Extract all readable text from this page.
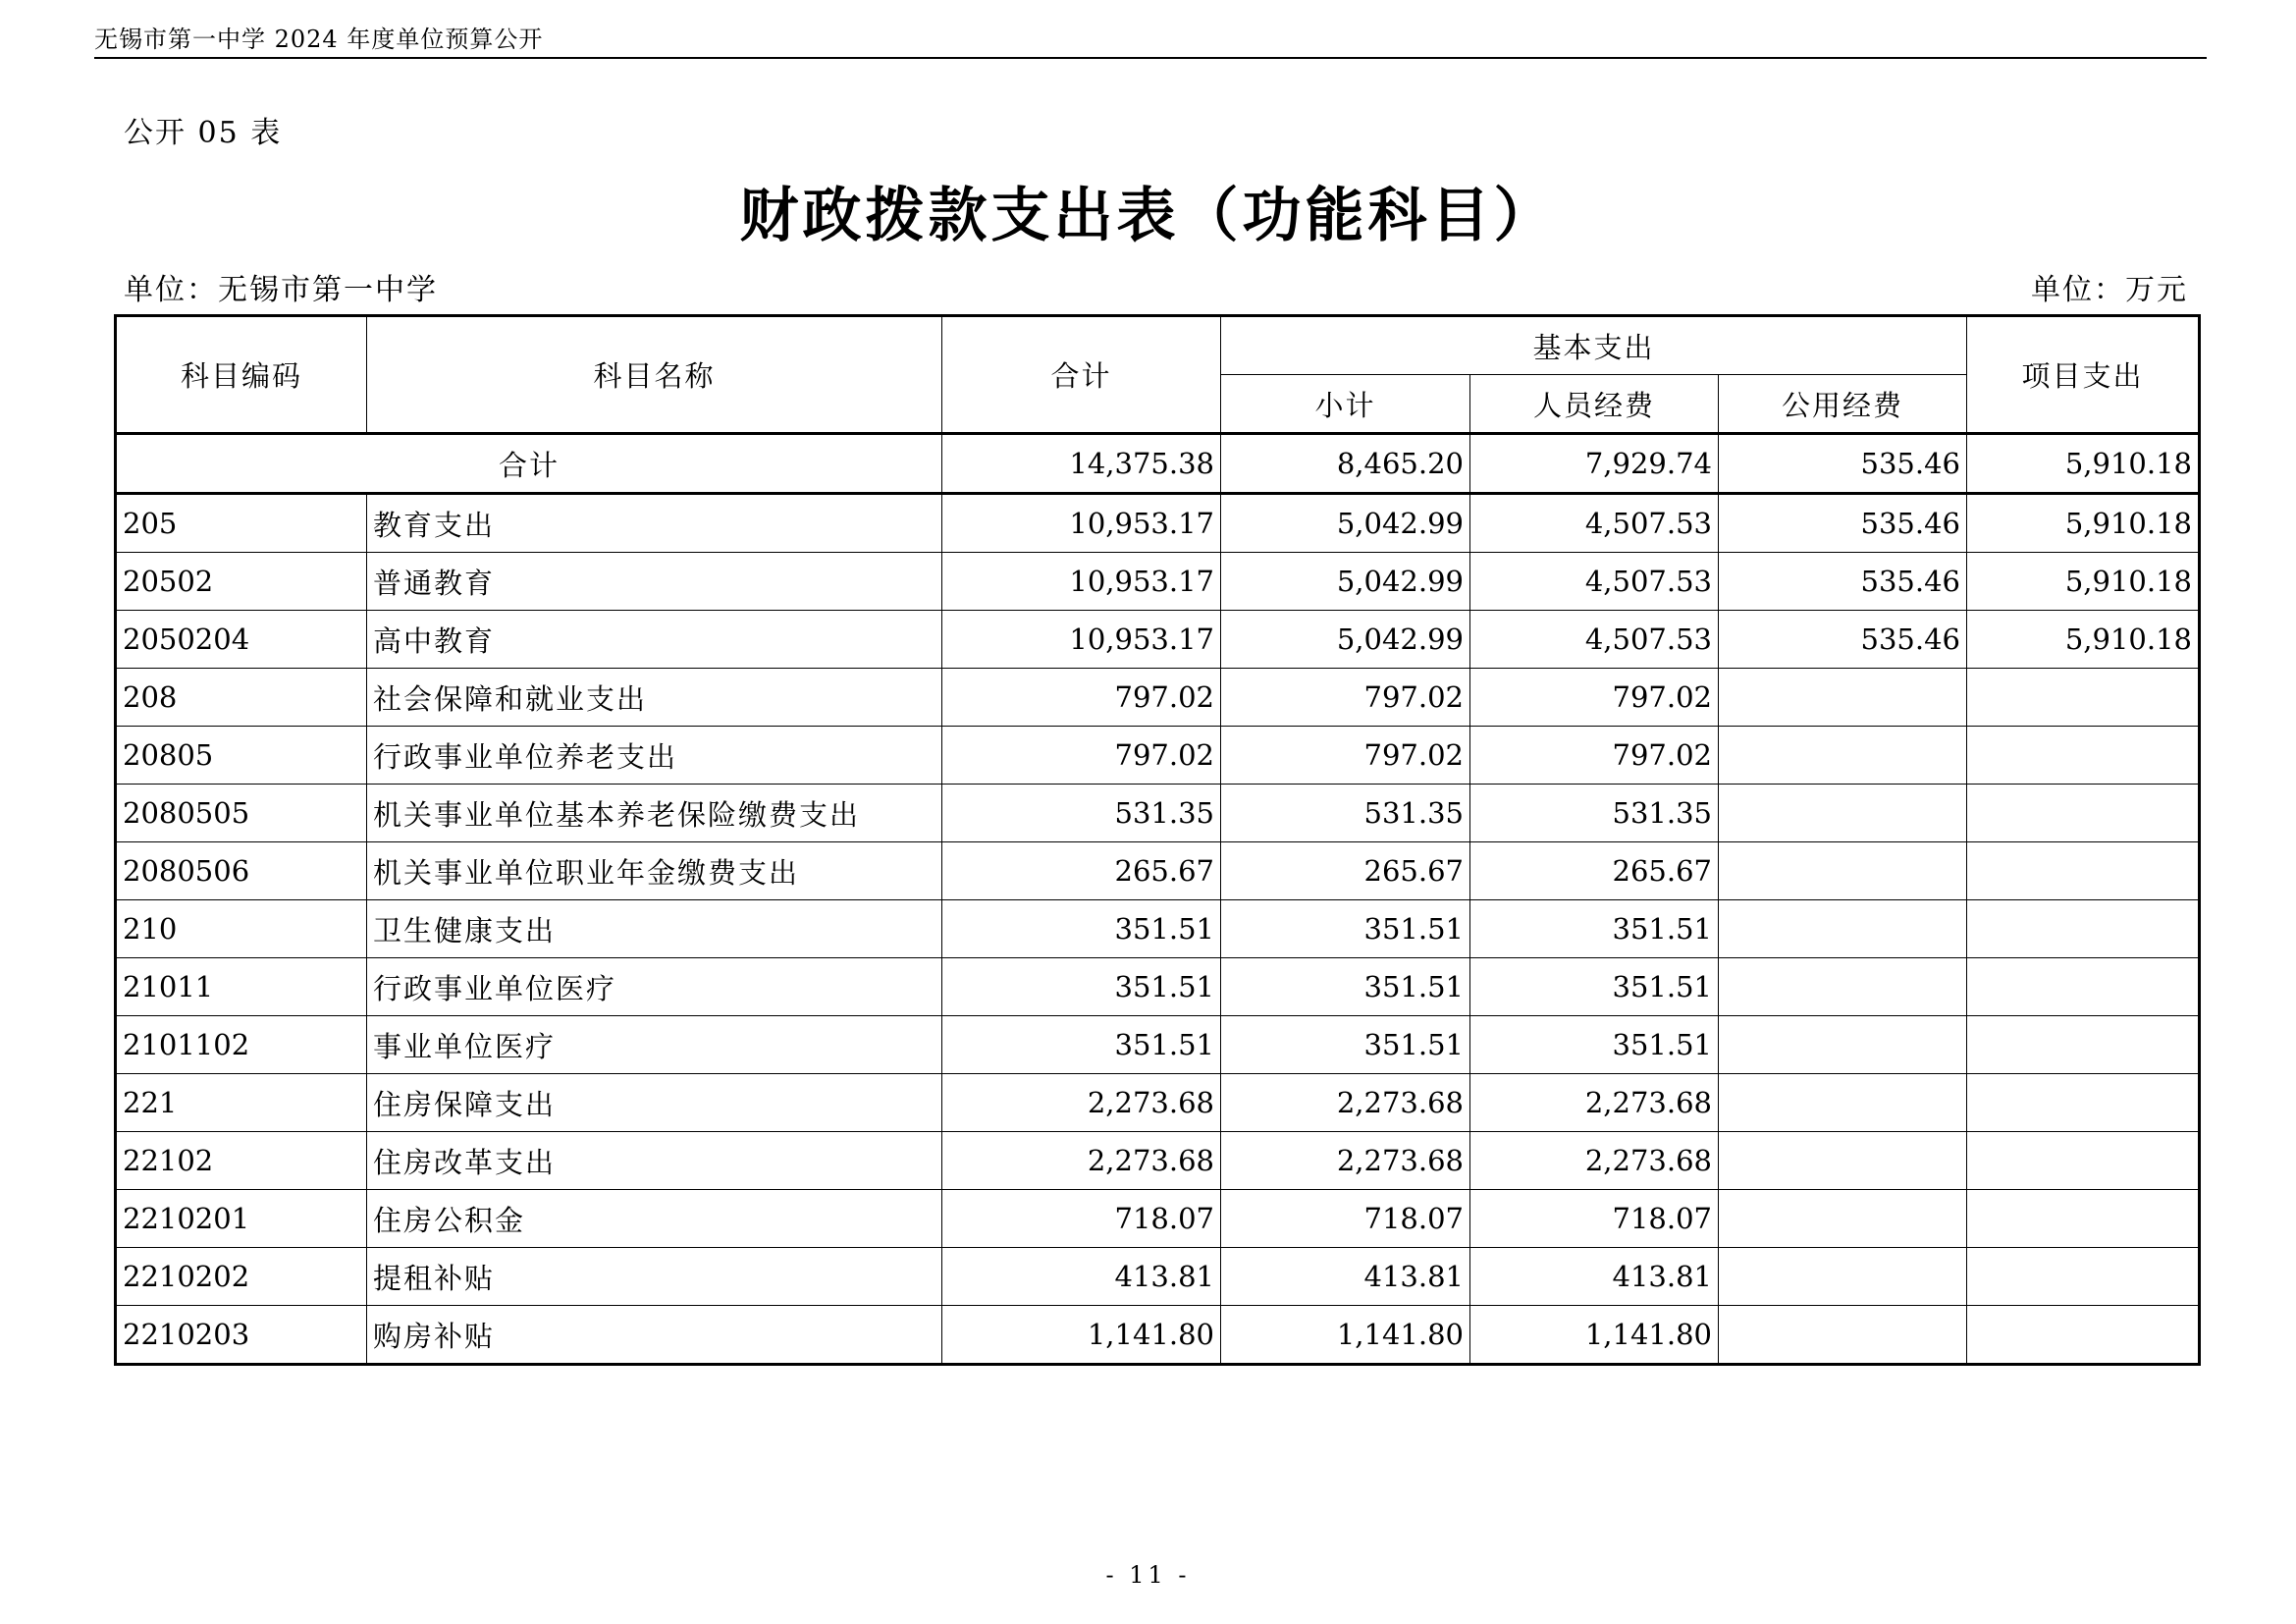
无锡市第一中学 2024 年度单位预算公开
公开 05 表
财政拨款支出表（功能科目）
单位：无锡市第一中学	单位：万元
科目编码	科目名称	合计	基本支出			项目支出
			小计	人员经费	公用经费	
合计		14,375.38	8,465.20	7,929.74	535.46	5,910.18
205	教育支出	10,953.17	5,042.99	4,507.53	535.46	5,910.18
20502	普通教育	10,953.17	5,042.99	4,507.53	535.46	5,910.18
2050204	高中教育	10,953.17	5,042.99	4,507.53	535.46	5,910.18
208	社会保障和就业支出	797.02	797.02	797.02		
20805	行政事业单位养老支出	797.02	797.02	797.02		
2080505	机关事业单位基本养老保险缴费支出	531.35	531.35	531.35		
2080506	机关事业单位职业年金缴费支出	265.67	265.67	265.67		
210	卫生健康支出	351.51	351.51	351.51		
21011	行政事业单位医疗	351.51	351.51	351.51		
2101102	事业单位医疗	351.51	351.51	351.51		
221	住房保障支出	2,273.68	2,273.68	2,273.68		
22102	住房改革支出	2,273.68	2,273.68	2,273.68		
2210201	住房公积金	718.07	718.07	718.07		
2210202	提租补贴	413.81	413.81	413.81		
2210203	购房补贴	1,141.80	1,141.80	1,141.80		
- 11 -
